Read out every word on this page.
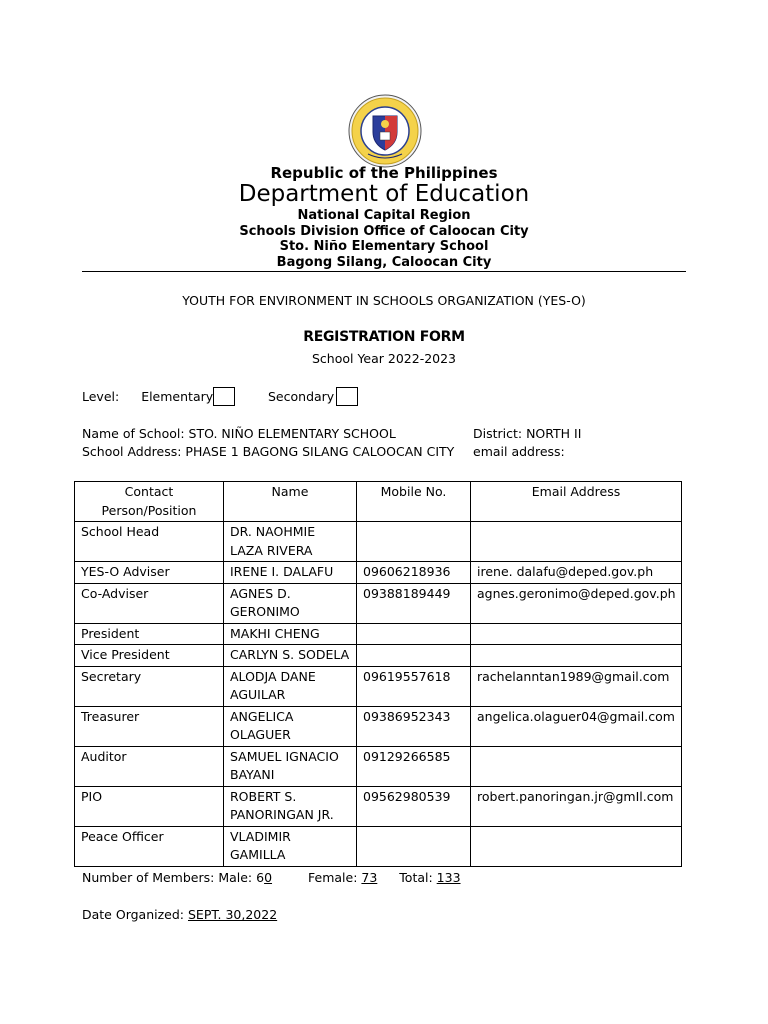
Republic of the Philippines
Department of Education
National Capital Region
Schools Division Office of Caloocan City
Sto. Niño Elementary School
Bagong Silang, Caloocan City
YOUTH FOR ENVIRONMENT IN SCHOOLS ORGANIZATION (YES-O)
REGISTRATION FORM
School Year 2022-2023
Level: Elementary	Secondary
Name of School: STO. NIÑO ELEMENTARY SCHOOL	District: NORTH II
School Address: PHASE 1 BAGONG SILANG CALOOCAN CITY email address:
Contact Person/Position	Name	Mobile No.	Email Address
School Head	DR. NAOHMIE LAZA RIVERA		
YES-O Adviser	IRENE I. DALAFU	09606218936	irene. dalafu@deped.gov.ph
Co-Adviser	AGNES D. GERONIMO	09388189449	agnes.geronimo@deped.gov.ph
President	MAKHI CHENG		
Vice President	CARLYN S. SODELA		
Secretary	ALODJA DANE AGUILAR	09619557618	rachelanntan1989@gmail.com
Treasurer	ANGELICA OLAGUER	09386952343	angelica.olaguer04@gmail.com
Auditor	SAMUEL IGNACIO BAYANI	09129266585	
PIO	ROBERT S. PANORINGAN JR.	09562980539	robert.panoringan.jr@gmIl.com
Peace Officer	VLADIMIR GAMILLA		
Number of Members: Male: 60	Female: 73 Total: 133
Date Organized: SEPT. 30,2022
